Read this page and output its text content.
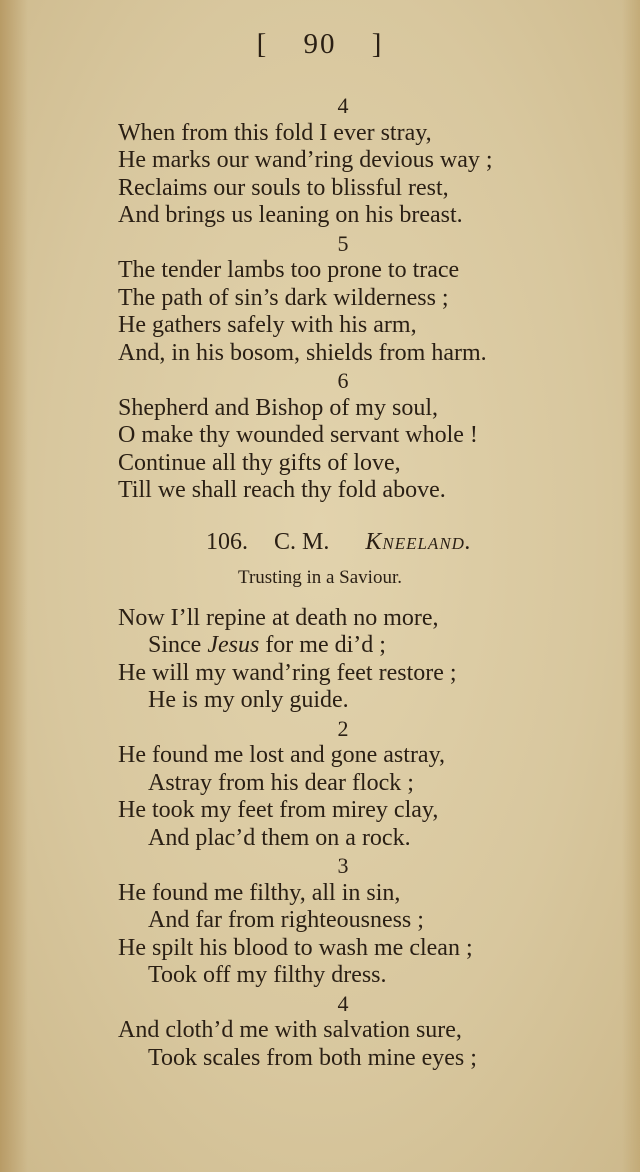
[ 90 ]
4
When from this fold I ever stray,
He marks our wand’ring devious way ;
Reclaims our souls to blissful rest,
And brings us leaning on his breast.
5
The tender lambs too prone to trace
The path of sin’s dark wilderness ;
He gathers safely with his arm,
And, in his bosom, shields from harm.
6
Shepherd and Bishop of my soul,
O make thy wounded servant whole !
Continue all thy gifts of love,
Till we shall reach thy fold above.
106. C. M. Kneeland.
Trusting in a Saviour.
Now I’ll repine at death no more,
Since Jesus for me di’d ;
He will my wand’ring feet restore ;
He is my only guide.
2
He found me lost and gone astray,
Astray from his dear flock ;
He took my feet from mirey clay,
And plac’d them on a rock.
3
He found me filthy, all in sin,
And far from righteousness ;
He spilt his blood to wash me clean ;
Took off my filthy dress.
4
And cloth’d me with salvation sure,
Took scales from both mine eyes ;
